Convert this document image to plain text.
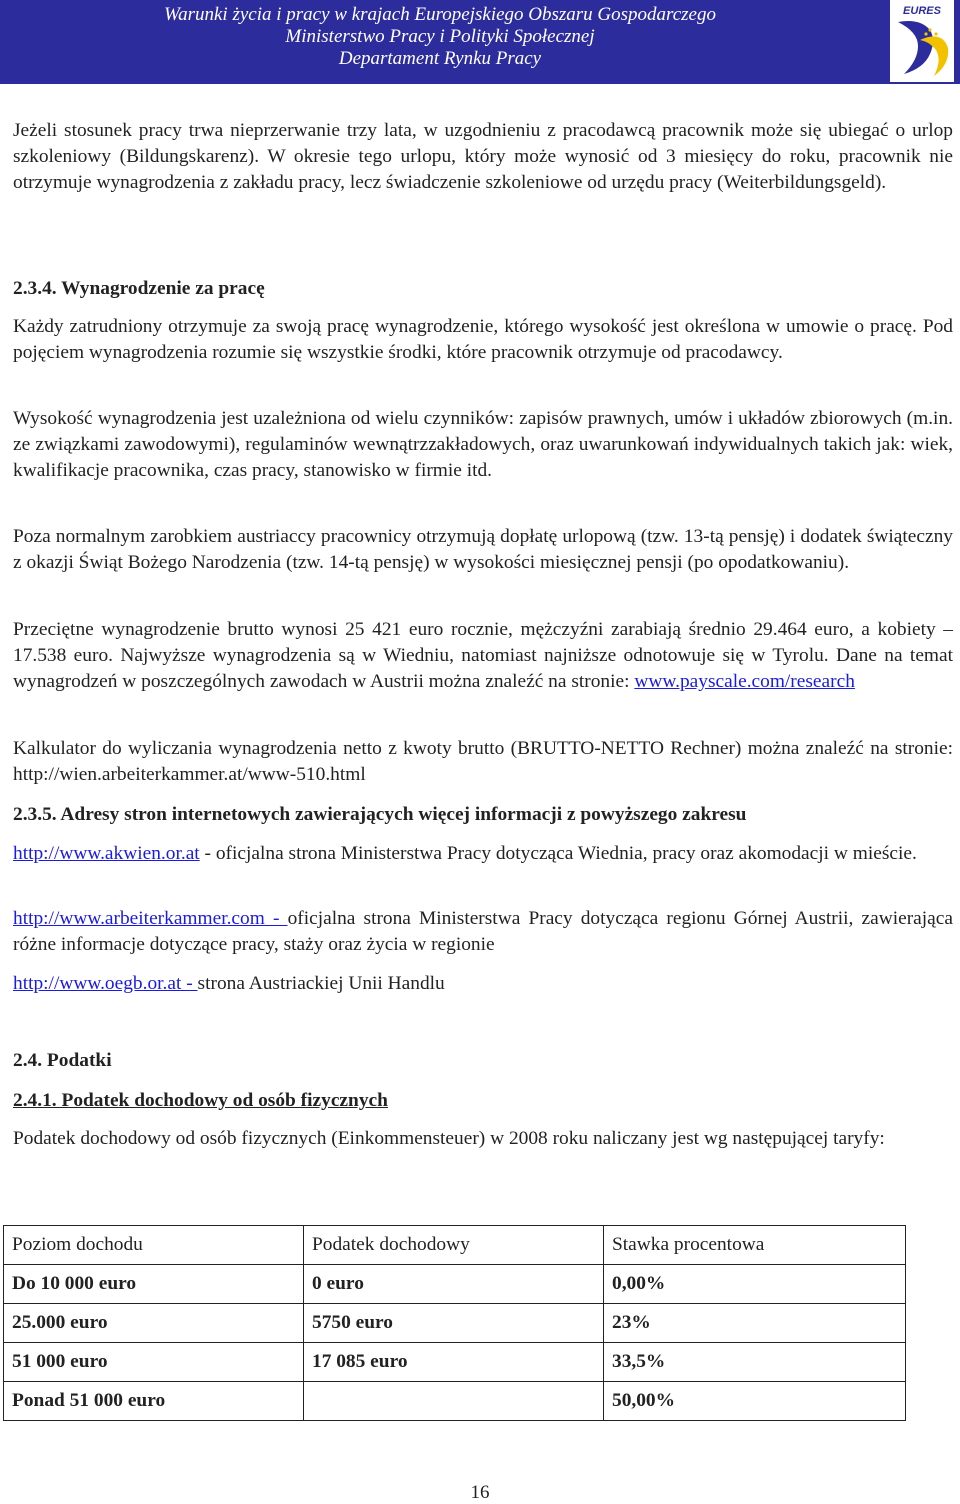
Warunki życia i pracy w krajach Europejskiego Obszaru Gospodarczego
Ministerstwo Pracy i Polityki Społecznej
Departament Rynku Pracy
EURES

Jeżeli stosunek pracy trwa nieprzerwanie trzy lata, w uzgodnieniu z pracodawcą pracownik może się ubiegać o urlop szkoleniowy (Bildungskarenz). W okresie tego urlopu, który może wynosić od 3 miesięcy do roku, pracownik nie otrzymuje wynagrodzenia z zakładu pracy, lecz świadczenie szkoleniowe od urzędu pracy (Weiterbildungsgeld).

2.3.4. Wynagrodzenie za pracę

Każdy zatrudniony otrzymuje za swoją pracę wynagrodzenie, którego wysokość jest określona w umowie o pracę. Pod pojęciem wynagrodzenia rozumie się wszystkie środki, które pracownik otrzymuje od pracodawcy.

Wysokość wynagrodzenia jest uzależniona od wielu czynników: zapisów prawnych, umów i układów zbiorowych (m.in. ze związkami zawodowymi), regulaminów wewnątrzzakładowych, oraz uwarunkowań indywidualnych takich jak: wiek, kwalifikacje pracownika, czas pracy, stanowisko w firmie itd.

Poza normalnym zarobkiem austriaccy pracownicy otrzymują dopłatę urlopową (tzw. 13-tą pensję) i dodatek świąteczny z okazji Świąt Bożego Narodzenia (tzw. 14-tą pensję) w wysokości miesięcznej pensji (po opodatkowaniu).

Przeciętne wynagrodzenie brutto wynosi 25 421 euro rocznie, mężczyźni zarabiają średnio 29.464 euro, a kobiety – 17.538 euro. Najwyższe wynagrodzenia są w Wiedniu, natomiast najniższe odnotowuje się w Tyrolu. Dane na temat wynagrodzeń w poszczególnych zawodach w Austrii można znaleźć na stronie: www.payscale.com/research

Kalkulator do wyliczania wynagrodzenia netto z kwoty brutto (BRUTTO-NETTO Rechner) można znaleźć na stronie: http://wien.arbeiterkammer.at/www-510.html

2.3.5. Adresy stron internetowych zawierających więcej informacji z powyższego zakresu

http://www.akwien.or.at - oficjalna strona Ministerstwa Pracy dotycząca Wiednia, pracy oraz akomodacji w mieście.

http://www.arbeiterkammer.com - oficjalna strona Ministerstwa Pracy dotycząca regionu Górnej Austrii, zawierająca różne informacje dotyczące pracy, staży oraz życia w regionie

http://www.oegb.or.at - strona Austriackiej Unii Handlu

2.4. Podatki
2.4.1. Podatek dochodowy od osób fizycznych

Podatek dochodowy od osób fizycznych (Einkommensteuer) w 2008 roku naliczany jest wg następującej taryfy:

Poziom dochodu	Podatek dochodowy	Stawka procentowa
Do 10 000 euro	0 euro	0,00%
25.000 euro	5750 euro	23%
51 000 euro	17 085 euro	33,5%
Ponad 51 000 euro		50,00%
16
